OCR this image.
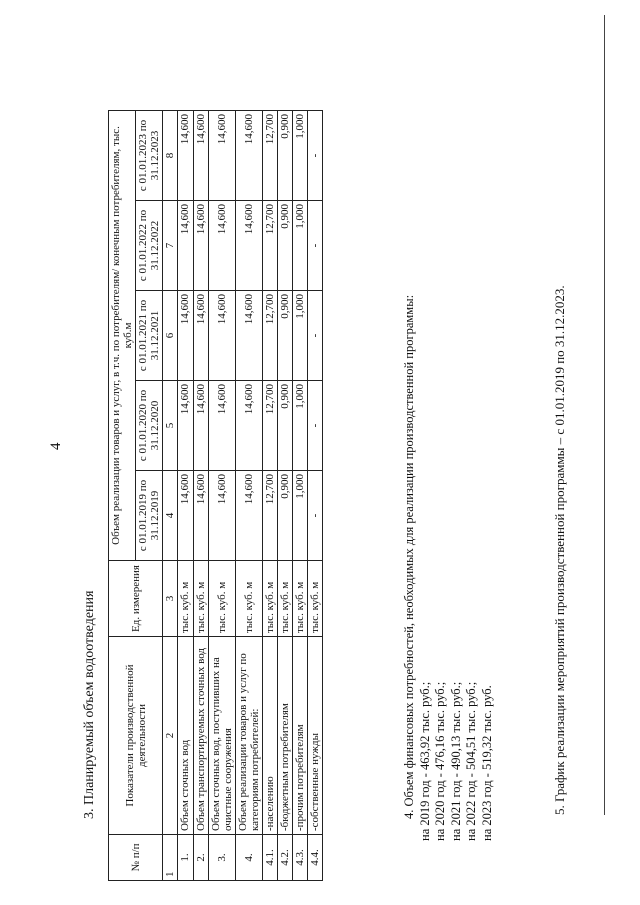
4
3. Планируемый объем водоотведения
№ п/п	Показатели производственной деятельности	Ед. измерения	Объем реализации товаров и услуг, в т.ч. по потребителям/ конечным потребителям, тыс. куб.м				
			с 01.01.2019 по 31.12.2019	с 01.01.2020 по 31.12.2020	с 01.01.2021 по 31.12.2021	с 01.01.2022 по 31.12.2022	с 01.01.2023 по 31.12.2023
1	2	3	4	5	6	7	8
1.	Объем сточных вод	тыс. куб. м	14,600	14,600	14,600	14,600	14,600
2.	Объем транспортируемых сточных вод	тыс. куб. м	14,600	14,600	14,600	14,600	14,600
3.	Объем сточных вод, поступивших на очистные сооружения	тыс. куб. м	14,600	14,600	14,600	14,600	14,600
4.	Объем реализации товаров и услуг по категориям потребителей:	тыс. куб. м	14,600	14,600	14,600	14,600	14,600
4.1.	-населению	тыс. куб. м	12,700	12,700	12,700	12,700	12,700
4.2.	-бюджетным потребителям	тыс. куб. м	0,900	0,900	0,900	0,900	0,900
4.3.	-прочим потребителям	тыс. куб. м	1,000	1,000	1,000	1,000	1,000
4.4.	-собственные нужды	тыс. куб. м	-	-	-	-	-
4. Объем финансовых потребностей, необходимых для реализации производственной программы: на 2019 год - 463,92 тыс. руб.; на 2020 год - 476,16 тыс. руб.; на 2021 год - 490,13 тыс. руб.; на 2022 год - 504,51 тыс. руб.; на 2023 год - 519,32 тыс. руб.	5. График реализации мероприятий производственной программы – с 01.01.2019 по 31.12.2023.
